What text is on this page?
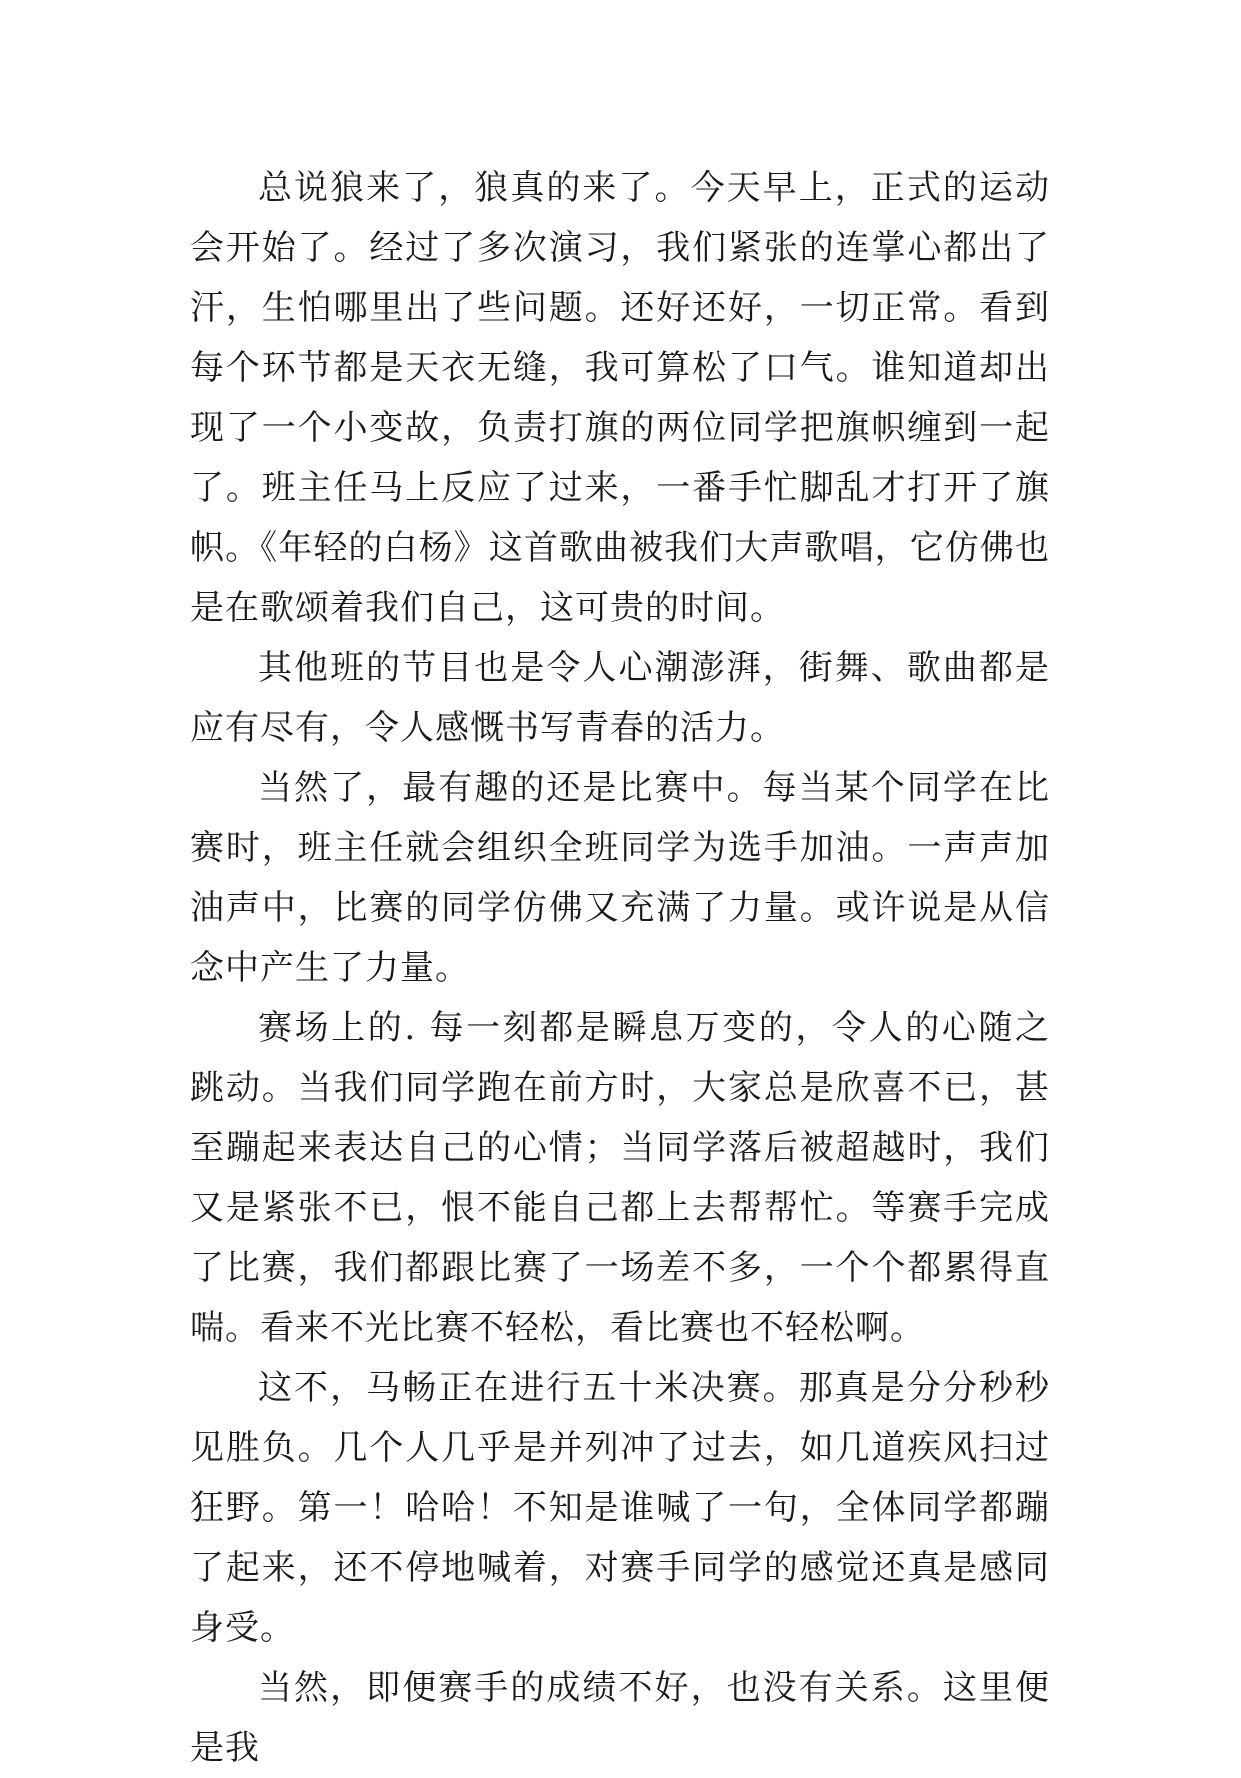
总说狼来了，狼真的来了。今天早上，正式的运动会开始了。经过了多次演习，我们紧张的连掌心都出了汗，生怕哪里出了些问题。还好还好，一切正常。看到每个环节都是天衣无缝，我可算松了口气。谁知道却出现了一个小变故，负责打旗的两位同学把旗帜缠到一起了。班主任马上反应了过来，一番手忙脚乱才打开了旗帜。《年轻的白杨》这首歌曲被我们大声歌唱，它仿佛也是在歌颂着我们自己，这可贵的时间。

其他班的节目也是令人心潮澎湃，街舞、歌曲都是应有尽有，令人感慨书写青春的活力。

当然了，最有趣的还是比赛中。每当某个同学在比赛时，班主任就会组织全班同学为选手加油。一声声加油声中，比赛的同学仿佛又充满了力量。或许说是从信念中产生了力量。

赛场上的. 每一刻都是瞬息万变的，令人的心随之跳动。当我们同学跑在前方时，大家总是欣喜不已，甚至蹦起来表达自己的心情；当同学落后被超越时，我们又是紧张不已，恨不能自己都上去帮帮忙。等赛手完成了比赛，我们都跟比赛了一场差不多，一个个都累得直喘。看来不光比赛不轻松，看比赛也不轻松啊。

这不，马畅正在进行五十米决赛。那真是分分秒秒见胜负。几个人几乎是并列冲了过去，如几道疾风扫过狂野。第一！哈哈！不知是谁喊了一句，全体同学都蹦了起来，还不停地喊着，对赛手同学的感觉还真是感同身受。

当然，即便赛手的成绩不好，也没有关系。这里便是我
